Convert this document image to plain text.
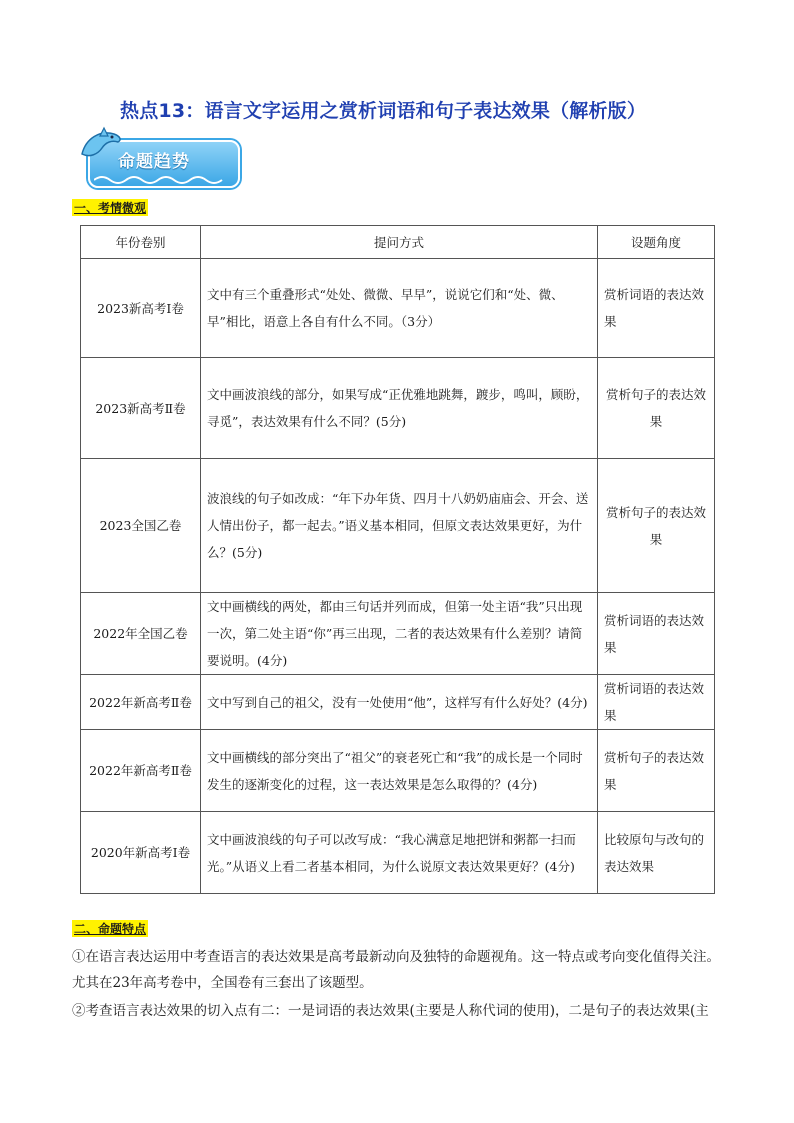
热点13：语言文字运用之赏析词语和句子表达效果（解析版）
命题趋势
一、考情微观
年份卷别	提问方式	设题角度
2023新高考Ⅰ卷	文中有三个重叠形式“处处、微微、早早”，说说它们和“处、微、早”相比，语意上各自有什么不同。（3分）	赏析词语的表达效果
2023新高考Ⅱ卷	文中画波浪线的部分，如果写成“正优雅地跳舞，踱步，鸣叫，顾盼，寻觅”，表达效果有什么不同？(5分)	赏析句子的表达效果
2023全国乙卷	波浪线的句子如改成：“年下办年货、四月十八奶奶庙庙会、开会、送人情出份子，都一起去。”语义基本相同，但原文表达效果更好，为什么？(5分)	赏析句子的表达效果
2022年全国乙卷	文中画横线的两处，都由三句话并列而成，但第一处主语“我”只出现一次，第二处主语“你”再三出现，二者的表达效果有什么差别？请简要说明。(4分)	赏析词语的表达效果
2022年新高考Ⅱ卷	文中写到自己的祖父，没有一处使用“他”，这样写有什么好处？(4分)	赏析词语的表达效果
2022年新高考Ⅱ卷	文中画横线的部分突出了“祖父”的衰老死亡和“我”的成长是一个同时发生的逐渐变化的过程，这一表达效果是怎么取得的？(4分)	赏析句子的表达效果
2020年新高考Ⅰ卷	文中画波浪线的句子可以改写成：“我心满意足地把饼和粥都一扫而光。”从语义上看二者基本相同，为什么说原文表达效果更好？(4分)	比较原句与改句的表达效果
二、命题特点
①在语言表达运用中考查语言的表达效果是高考最新动向及独特的命题视角。这一特点或考向变化值得关注。尤其在23年高考卷中，全国卷有三套出了该题型。
②考查语言表达效果的切入点有二：一是词语的表达效果(主要是人称代词的使用)，二是句子的表达效果(主
